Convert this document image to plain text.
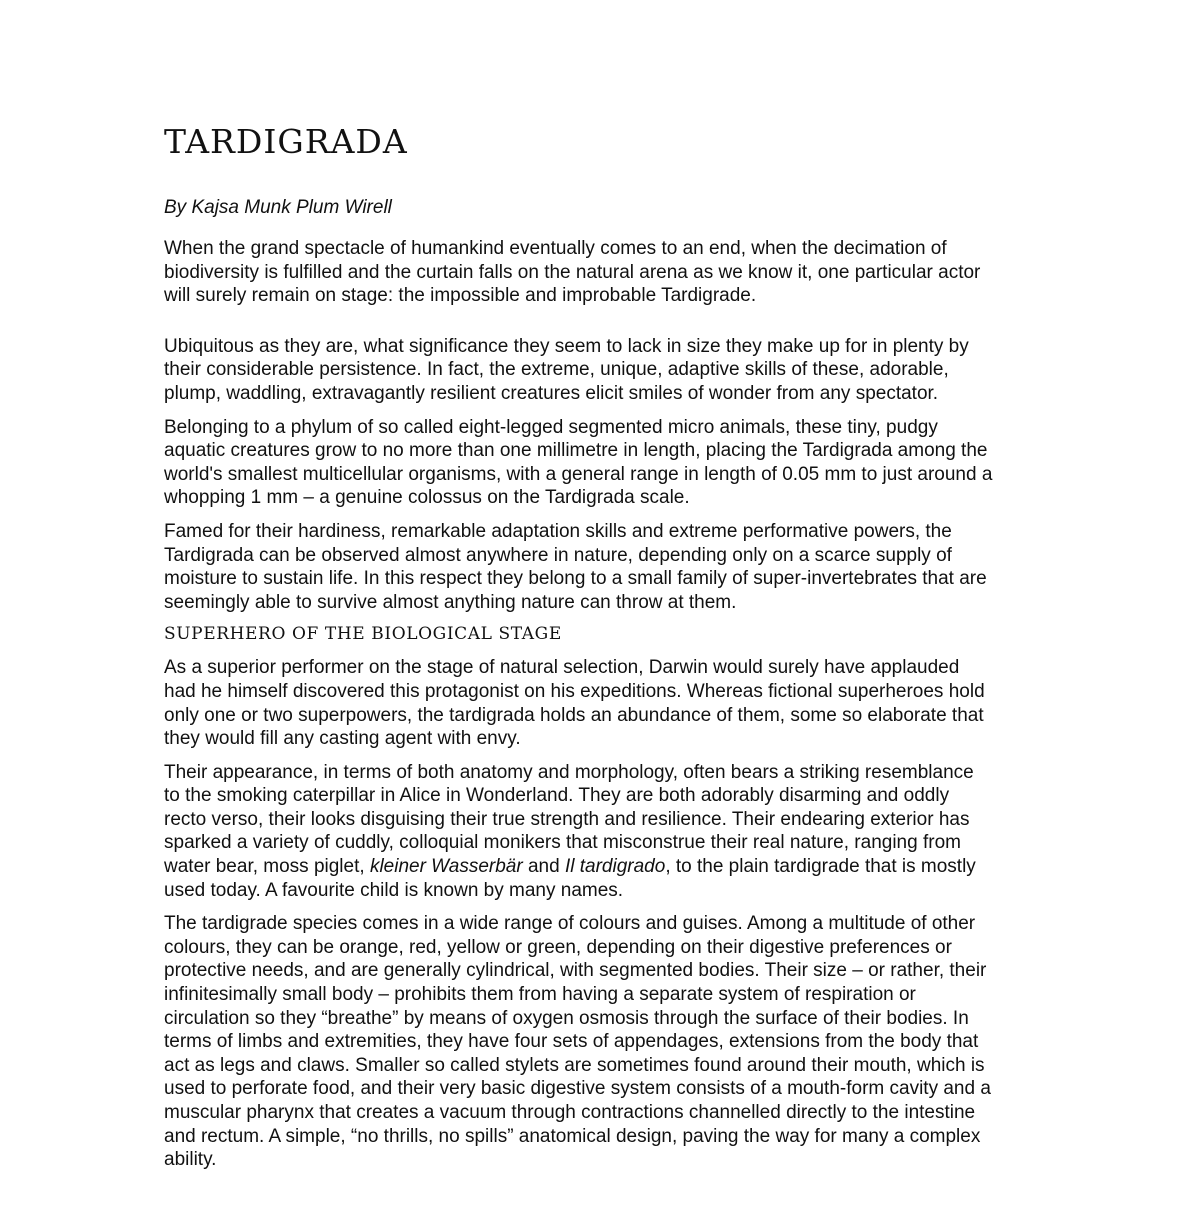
TARDIGRADA

By Kajsa Munk Plum Wirell

When the grand spectacle of humankind eventually comes to an end, when the decimation of biodiversity is fulfilled and the curtain falls on the natural arena as we know it, one particular actor will surely remain on stage: the impossible and improbable Tardigrade.

Ubiquitous as they are, what significance they seem to lack in size they make up for in plenty by their considerable persistence. In fact, the extreme, unique, adaptive skills of these, adorable, plump, waddling, extravagantly resilient creatures elicit smiles of wonder from any spectator.

Belonging to a phylum of so called eight-legged segmented micro animals, these tiny, pudgy aquatic creatures grow to no more than one millimetre in length, placing the Tardigrada among the world's smallest multicellular organisms, with a general range in length of 0.05 mm to just around a whopping 1 mm – a genuine colossus on the Tardigrada scale.

Famed for their hardiness, remarkable adaptation skills and extreme performative powers, the Tardigrada can be observed almost anywhere in nature, depending only on a scarce supply of moisture to sustain life. In this respect they belong to a small family of super-invertebrates that are seemingly able to survive almost anything nature can throw at them.

SUPERHERO OF THE BIOLOGICAL STAGE

As a superior performer on the stage of natural selection, Darwin would surely have applauded had he himself discovered this protagonist on his expeditions. Whereas fictional superheroes hold only one or two superpowers, the tardigrada holds an abundance of them, some so elaborate that they would fill any casting agent with envy.

Their appearance, in terms of both anatomy and morphology, often bears a striking resemblance to the smoking caterpillar in Alice in Wonderland. They are both adorably disarming and oddly recto verso, their looks disguising their true strength and resilience. Their endearing exterior has sparked a variety of cuddly, colloquial monikers that misconstrue their real nature, ranging from water bear, moss piglet, kleiner Wasserbär and Il tardigrado, to the plain tardigrade that is mostly used today. A favourite child is known by many names.

The tardigrade species comes in a wide range of colours and guises. Among a multitude of other colours, they can be orange, red, yellow or green, depending on their digestive preferences or protective needs, and are generally cylindrical, with segmented bodies. Their size – or rather, their infinitesimally small body – prohibits them from having a separate system of respiration or circulation so they “breathe” by means of oxygen osmosis through the surface of their bodies. In terms of limbs and extremities, they have four sets of appendages, extensions from the body that act as legs and claws. Smaller so called stylets are sometimes found around their mouth, which is used to perforate food, and their very basic digestive system consists of a mouth-form cavity and a muscular pharynx that creates a vacuum through contractions channelled directly to the intestine and rectum. A simple, “no thrills, no spills” anatomical design, paving the way for many a complex ability.
